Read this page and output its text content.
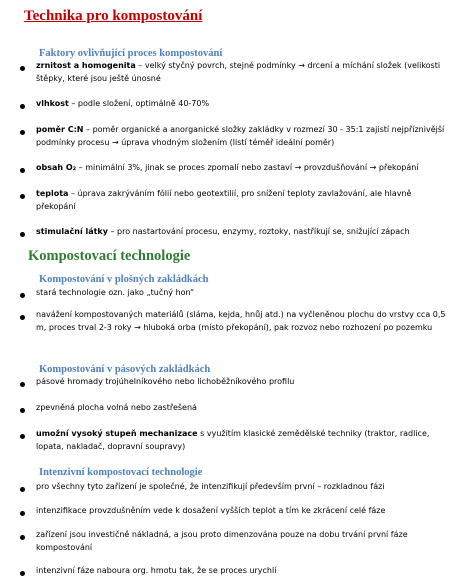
Technika pro kompostování
Faktory ovlivňující proces kompostování
zrnitost a homogenita – velký styčný povrch, stejné podmínky → drcení a míchání složek (velikosti štěpky, které jsou ještě únosné
vlhkost – podle složení, optimálně 40-70%
poměr C:N – poměr organické a anorganické složky zakládky v rozmezí 30 - 35:1 zajistí nejpříznivější podmínky procesu → úprava vhodným složením (listí téměř ideální poměr)
obsah O₂ – minimální 3%, jinak se proces zpomalí nebo zastaví → provzdušňování → překopání
teplota – úprava zakrýváním fólií nebo geotextilií, pro snížení teploty zavlažování, ale hlavně překopání
stimulační látky – pro nastartování procesu, enzymy, roztoky, nastříkují se, snižující zápach
Kompostovací technologie
Kompostování v plošných zakládkách
stará technologie ozn. jako „tučný hon“
navážení kompostovaných materiálů (sláma, kejda, hnůj atd.) na vyčleněnou plochu do vrstvy cca 0,5 m, proces trval 2-3 roky → hluboká orba (místo překopání), pak rozvoz nebo rozhození po pozemku
Kompostování v pásových zakládkách
pásové hromady trojúhelníkového nebo lichoběžníkového profilu
zpevněná plocha volná nebo zastřešená
umožní vysoký stupeň mechanizace s využitím klasické zemědělské techniky (traktor, radlice, lopata, nakladač, dopravní soupravy)
Intenzivní kompostovací technologie
pro všechny tyto zařízení je společné, že intenzifikují především první – rozkladnou fázi
intenzifikace provzdušněním vede k dosažení vyšších teplot a tím ke zkrácení celé fáze
zařízení jsou investičně nákladná, a jsou proto dimenzována pouze na dobu trvání první fáze kompostování
intenzivní fáze naboura org. hmotu tak, že se proces urychlí
